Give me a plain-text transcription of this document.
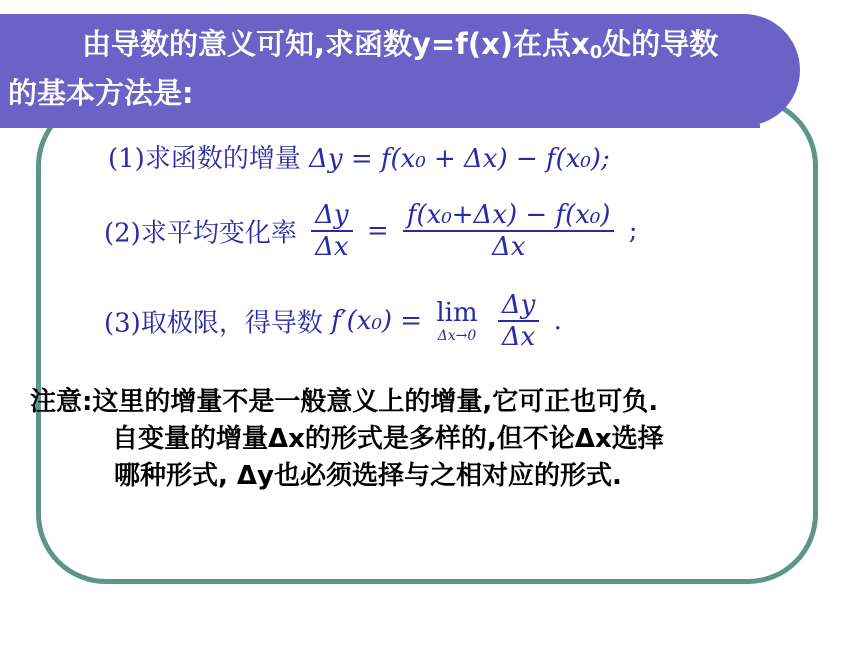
由导数的意义可知,求函数y=f(x)在点$x_0$处的导数
的基本方法是:
(1)求函数的增量 Δy = f(x₀ + Δx) − f(x₀);
(2)求平均变化率 $\frac{\Delta y}{\Delta x} = \frac{\text{f(x₀+Δx) − f(x₀)}}{\Delta x}$ ;
(3)取极限，得导数 f′(x₀) = lim
Δx→0
$\frac{\Delta y}{\Delta x}$ .
注意:这里的增量不是一般意义上的增量,它可正也可负.
自变量的增量Δx的形式是多样的,但不论Δx选择
哪种形式, Δy也必须选择与之相对应的形式.
